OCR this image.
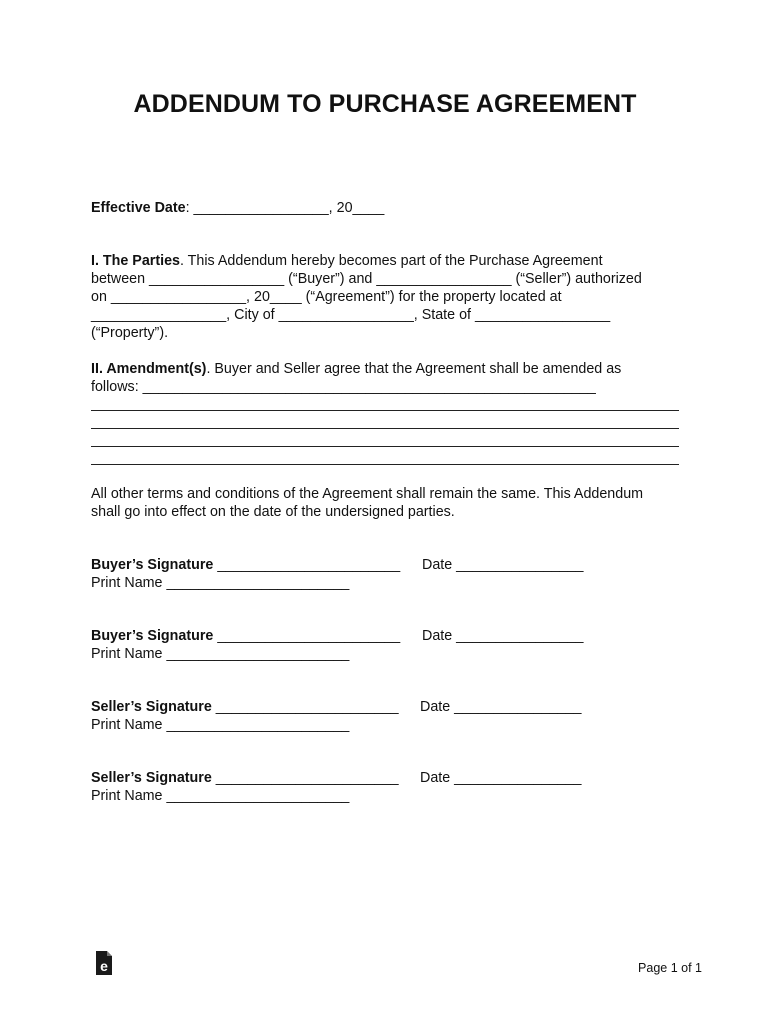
ADDENDUM TO PURCHASE AGREEMENT
Effective Date: _________________, 20____
I. The Parties. This Addendum hereby becomes part of the Purchase Agreement
between _________________ (“Buyer”) and _________________ (“Seller”) authorized
on _________________, 20____ (“Agreement”) for the property located at
_________________, City of _________________, State of _________________
(“Property”).
II. Amendment(s). Buyer and Seller agree that the Agreement shall be amended as
follows: _________________________________________________________
All other terms and conditions of the Agreement shall remain the same. This Addendum
shall go into effect on the date of the undersigned parties.
Buyer’s Signature _______________________ Date ________________
Print Name _______________________
Buyer’s Signature _______________________ Date ________________
Print Name _______________________
Seller’s Signature _______________________ Date ________________
Print Name _______________________
Seller’s Signature _______________________ Date ________________
Print Name _______________________
e	Page 1 of 1
